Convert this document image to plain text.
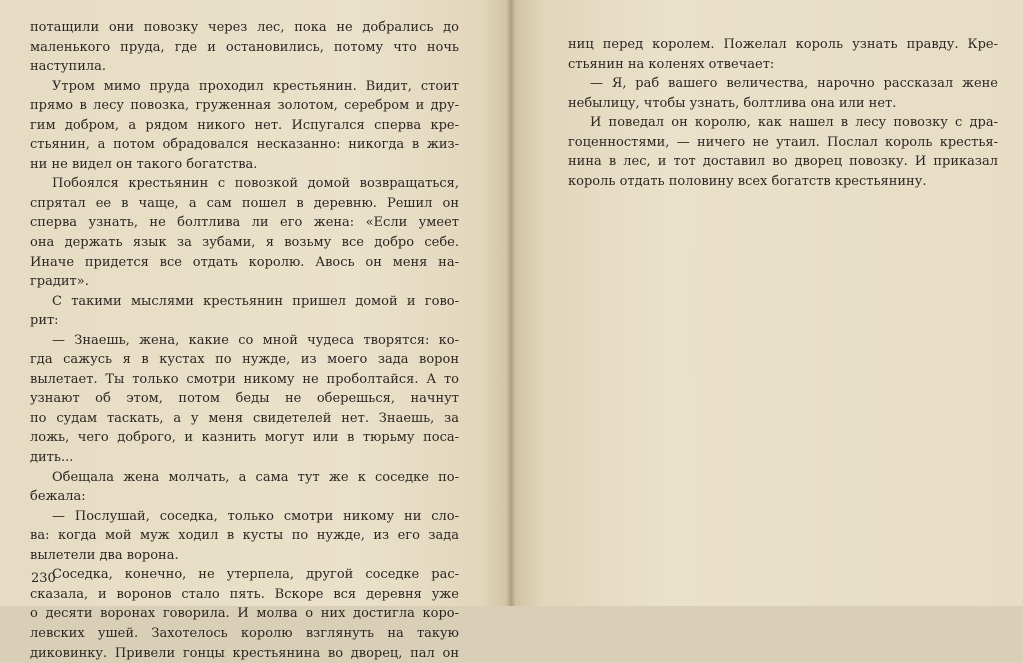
потащили они повозку через лес, пока не добрались до
маленького пруда, где и остановились, потому что ночь
наступила.
Утром мимо пруда проходил крестьянин. Видит, стоит
прямо в лесу повозка, груженная золотом, серебром и дру-
гим добром, а рядом никого нет. Испугался сперва кре-
стьянин, а потом обрадовался несказанно: никогда в жиз-
ни не видел он такого богатства.
Побоялся крестьянин с повозкой домой возвращаться,
спрятал ее в чаще, а сам пошел в деревню. Решил он
сперва узнать, не болтлива ли его жена: «Если умеет
она держать язык за зубами, я возьму все добро себе.
Иначе придется все отдать королю. Авось он меня на-
градит».
С такими мыслями крестьянин пришел домой и гово-
рит:
— Знаешь, жена, какие со мной чудеса творятся: ко-
гда сажусь я в кустах по нужде, из моего зада ворон
вылетает. Ты только смотри никому не проболтайся. А то
узнают об этом, потом беды не оберешься, начнут
по судам таскать, а у меня свидетелей нет. Знаешь, за
ложь, чего доброго, и казнить могут или в тюрьму поса-
дить...
Обещала жена молчать, а сама тут же к соседке по-
бежала:
— Послушай, соседка, только смотри никому ни сло-
ва: когда мой муж ходил в кусты по нужде, из его зада
вылетели два ворона.
Соседка, конечно, не утерпела, другой соседке рас-
сказала, и воронов стало пять. Вскоре вся деревня уже
о десяти воронах говорила. И молва о них достигла коро-
левских ушей. Захотелось королю взглянуть на такую
диковинку. Привели гонцы крестьянина во дворец, пал он
230
ниц перед королем. Пожелал король узнать правду. Кре-
стьянин на коленях отвечает:
— Я, раб вашего величества, нарочно рассказал жене
небылицу, чтобы узнать, болтлива она или нет.
И поведал он королю, как нашел в лесу повозку с дра-
гоценностями, — ничего не утаил. Послал король крестья-
нина в лес, и тот доставил во дворец повозку. И приказал
король отдать половину всех богатств крестьянину.
